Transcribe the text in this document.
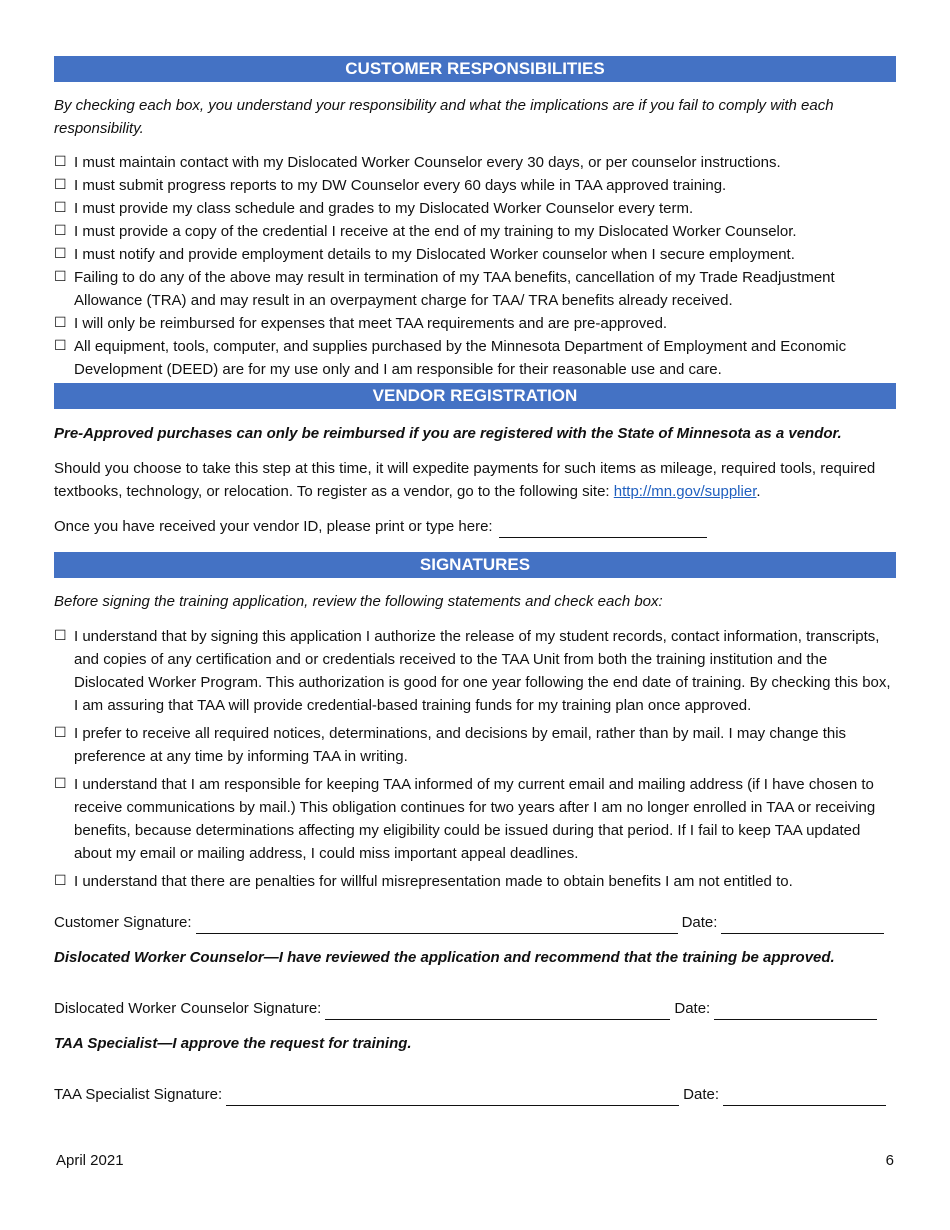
CUSTOMER RESPONSIBILITIES

By checking each box, you understand your responsibility and what the implications are if you fail to comply with each responsibility.

☐ I must maintain contact with my Dislocated Worker Counselor every 30 days, or per counselor instructions.
☐ I must submit progress reports to my DW Counselor every 60 days while in TAA approved training.
☐ I must provide my class schedule and grades to my Dislocated Worker Counselor every term.
☐ I must provide a copy of the credential I receive at the end of my training to my Dislocated Worker Counselor.
☐ I must notify and provide employment details to my Dislocated Worker counselor when I secure employment.
☐ Failing to do any of the above may result in termination of my TAA benefits, cancellation of my Trade Readjustment Allowance (TRA) and may result in an overpayment charge for TAA/ TRA benefits already received.
☐ I will only be reimbursed for expenses that meet TAA requirements and are pre-approved.
☐ All equipment, tools, computer, and supplies purchased by the Minnesota Department of Employment and Economic Development (DEED) are for my use only and I am responsible for their reasonable use and care.
VENDOR REGISTRATION

Pre-Approved purchases can only be reimbursed if you are registered with the State of Minnesota as a vendor.

Should you choose to take this step at this time, it will expedite payments for such items as mileage, required tools, required textbooks, technology, or relocation. To register as a vendor, go to the following site: http://mn.gov/supplier.

Once you have received your vendor ID, please print or type here:
SIGNATURES

Before signing the training application, review the following statements and check each box:

☐ I understand that by signing this application I authorize the release of my student records, contact information, transcripts, and copies of any certification and or credentials received to the TAA Unit from both the training institution and the Dislocated Worker Program. This authorization is good for one year following the end date of training. By checking this box, I am assuring that TAA will provide credential-based training funds for my training plan once approved.
☐ I prefer to receive all required notices, determinations, and decisions by email, rather than by mail. I may change this preference at any time by informing TAA in writing.
☐ I understand that I am responsible for keeping TAA informed of my current email and mailing address (if I have chosen to receive communications by mail.) This obligation continues for two years after I am no longer enrolled in TAA or receiving benefits, because determinations affecting my eligibility could be issued during that period. If I fail to keep TAA updated about my email or mailing address, I could miss important appeal deadlines.
☐ I understand that there are penalties for willful misrepresentation made to obtain benefits I am not entitled to.
Customer Signature:	Date:

Dislocated Worker Counselor—I have reviewed the application and recommend that the training be approved.

Dislocated Worker Counselor Signature:	Date:

TAA Specialist—I approve the request for training.

TAA Specialist Signature:	Date:
April 2021	6
